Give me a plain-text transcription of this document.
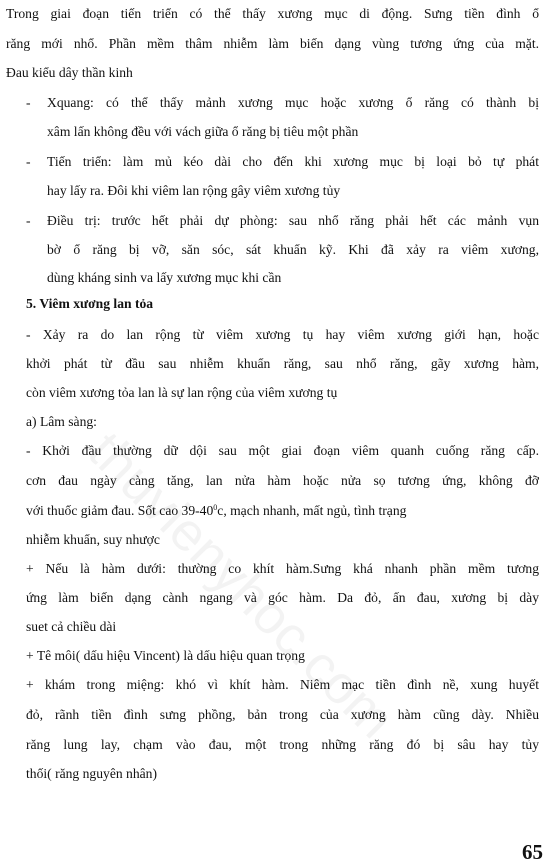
Trong giai đoạn tiến triển có thể thấy xương mục di động. Sưng tiền đình ổ
răng mới nhổ. Phần mềm thâm nhiễm làm biến dạng vùng tương ứng của mặt.
Đau kiểu dây thần kinh
- Xquang: có thể thấy mảnh xương mục hoặc xương ổ răng có thành bị
xâm lấn không đều với vách giữa ổ răng bị tiêu một phần
- Tiến triển: làm mủ kéo dài cho đến khi xương mục bị loại bỏ tự phát
hay lấy ra. Đôi khi viêm lan rộng gây viêm xương tủy
- Điều trị: trước hết phải dự phòng: sau nhổ răng phải hết các mảnh vụn
bờ ổ răng bị vỡ, săn sóc, sát khuẩn kỹ. Khi đã xảy ra viêm xương,
dùng kháng sinh va lấy xương mục khi cần
5. Viêm xương lan tỏa
- Xảy ra do lan rộng từ viêm xương tụ hay viêm xương giới hạn, hoặc
khởi phát từ đầu sau nhiễm khuẩn răng, sau nhổ răng, gãy xương hàm,
còn viêm xương tỏa lan là sự lan rộng của viêm xương tụ
a) Lâm sàng:
- Khởi đầu thường dữ dội sau một giai đoạn viêm quanh cuống răng cấp.
cơn đau ngày càng tăng, lan nửa hàm hoặc nửa sọ tương ứng, không đỡ
với thuốc giảm đau. Sốt cao $39-40^0c$, mạch nhanh, mất ngủ, tình trạng
nhiễm khuẩn, suy nhược
+ Nếu là hàm dưới: thường co khít hàm.Sưng khá nhanh phần mềm tương
ứng làm biến dạng cành ngang và góc hàm. Da đỏ, ấn đau, xương bị dày
suet cả chiều dài
+ Tê môi( dấu hiệu Vincent) là dấu hiệu quan trọng
+ khám trong miệng: khó vì khít hàm. Niêm mạc tiền đình nề, xung huyết
đỏ, rãnh tiền đình sưng phồng, bản trong của xương hàm cũng dày. Nhiều
răng lung lay, chạm vào đau, một trong những răng đó bị sâu hay tủy
thối( răng nguyên nhân)
65
